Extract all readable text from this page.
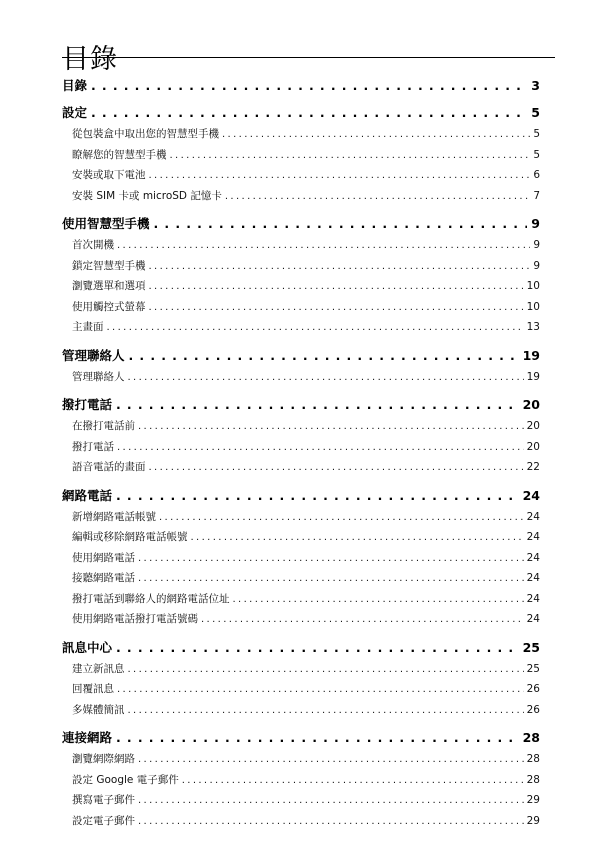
目錄
目錄 . . .	3
設定 . . .	5
從包裝盒中取出您的智慧型手機 . . .	5
瞭解您的智慧型手機 . . .	5
安裝或取下電池 . . .	6
安裝 SIM 卡或 microSD 記憶卡 . . .	7
使用智慧型手機 . . .	9
首次開機 . . .	9
鎖定智慧型手機 . . .	9
瀏覽選單和選項 . . .	10
使用觸控式螢幕 . . .	10
主畫面 . . .	13
管理聯絡人 . . .	19
管理聯絡人 . . .	19
撥打電話 . . .	20
在撥打電話前 . . .	20
撥打電話 . . .	20
語音電話的畫面 . . .	22
網路電話 . . .	24
新增網路電話帳號 . . .	24
編輯或移除網路電話帳號 . . .	24
使用網路電話 . . .	24
接聽網路電話 . . .	24
撥打電話到聯絡人的網路電話位址 . . .	24
使用網路電話撥打電話號碼 . . .	24
訊息中心 . . .	25
建立新訊息 . . .	25
回覆訊息 . . .	26
多媒體簡訊 . . .	26
連接網路 . . .	28
瀏覽網際網路 . . .	28
設定 Google 電子郵件 . . .	28
撰寫電子郵件 . . .	29
設定電子郵件 . . .	29
